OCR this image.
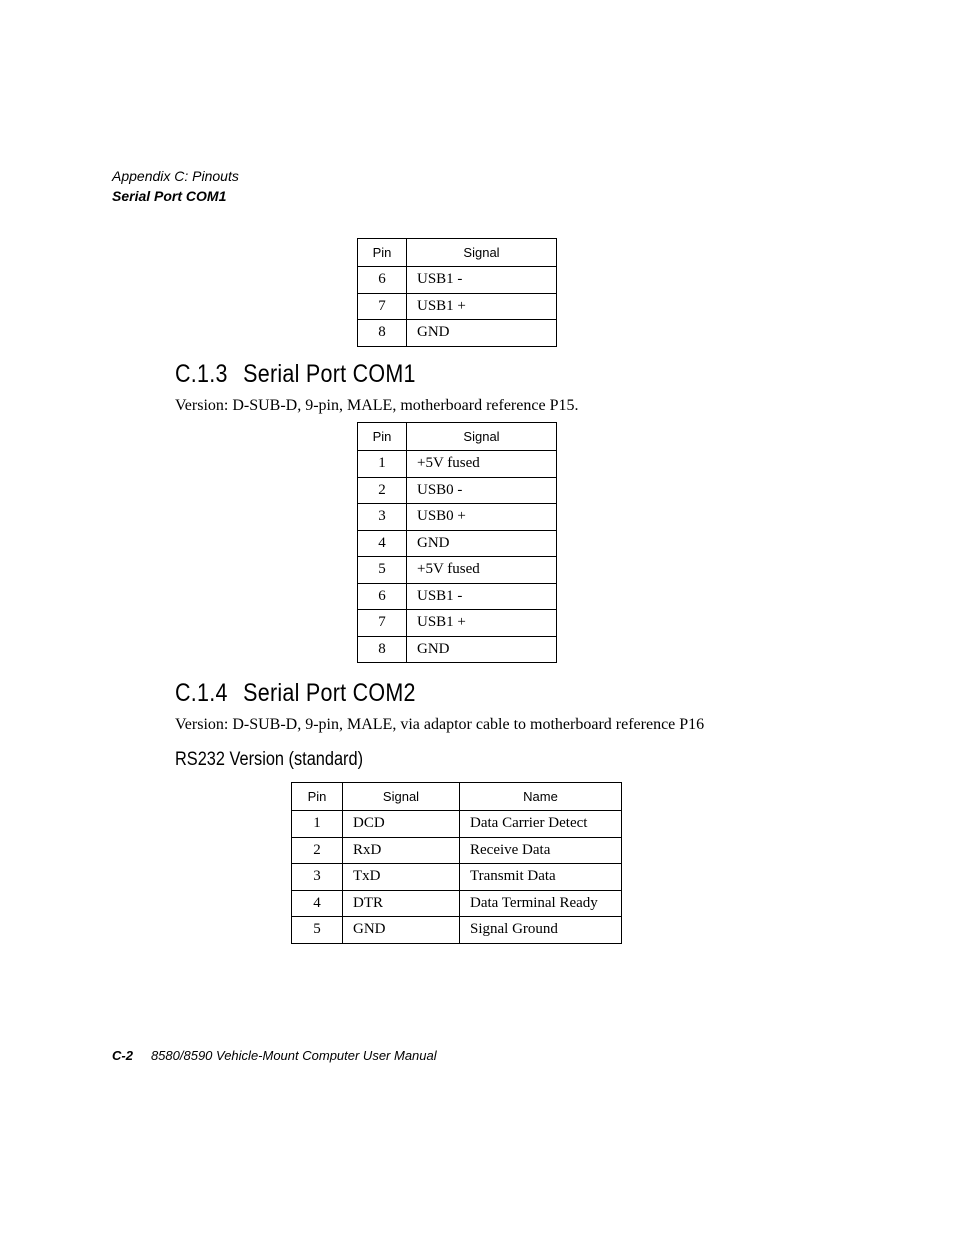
Appendix C: Pinouts
Serial Port COM1
Pin	Signal
6	USB1 -
7	USB1 +
8	GND
C.1.3 Serial Port COM1
Version: D-SUB-D, 9-pin, MALE, motherboard reference P15.
Pin	Signal
1	+5V fused
2	USB0 -
3	USB0 +
4	GND
5	+5V fused
6	USB1 -
7	USB1 +
8	GND
C.1.4 Serial Port COM2
Version: D-SUB-D, 9-pin, MALE, via adaptor cable to motherboard reference P16
RS232 Version (standard)
Pin	Signal	Name
1	DCD	Data Carrier Detect
2	RxD	Receive Data
3	TxD	Transmit Data
4	DTR	Data Terminal Ready
5	GND	Signal Ground
C-2 8580/8590 Vehicle-Mount Computer User Manual
